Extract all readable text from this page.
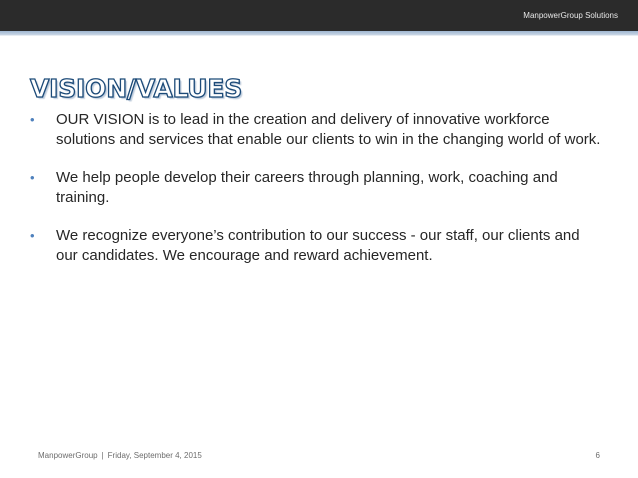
ManpowerGroup Solutions
VISION/VALUES
•	OUR VISION is to lead in the creation and delivery of innovative workforce solutions and services that enable our clients to win in the changing world of work.
•	We help people develop their careers through planning, work, coaching and training.
•	We recognize everyone’s contribution to our success - our staff, our clients and our candidates. We encourage and reward achievement.
ManpowerGroup | Friday, September 4, 2015	6
